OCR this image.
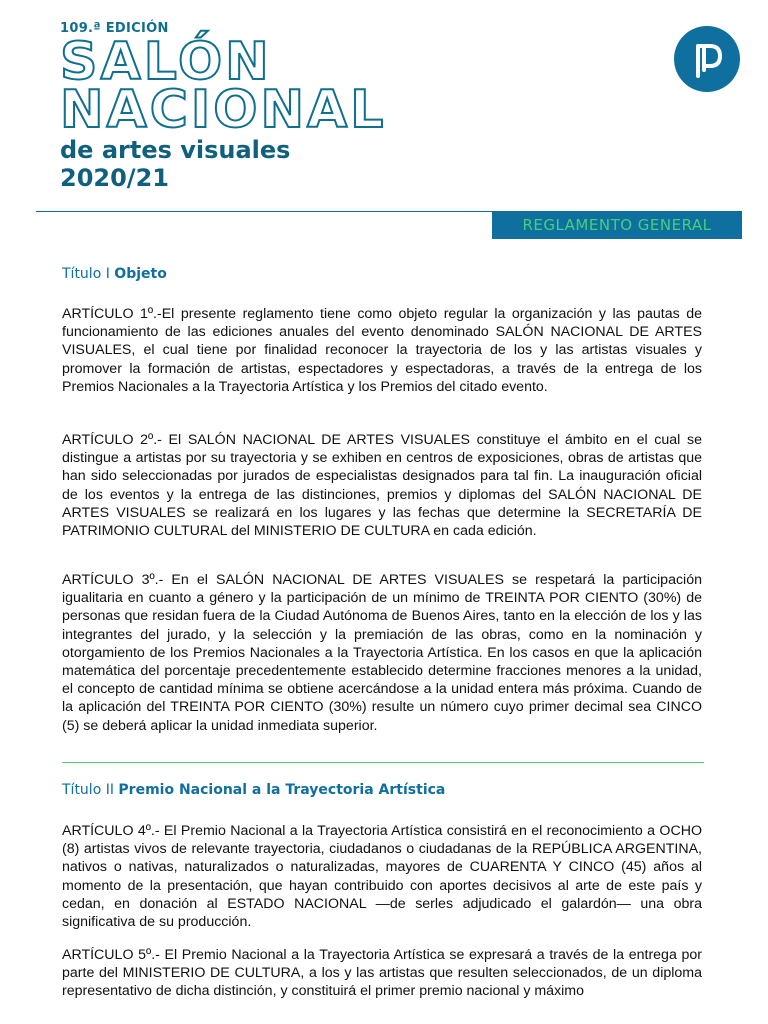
109.ª EDICIÓN
SALÓN
NACIONAL
de artes visuales
2020/21
REGLAMENTO GENERAL
Título I Objeto
ARTÍCULO 1º.-El presente reglamento tiene como objeto regular la organización y las pautas de funcionamiento de las ediciones anuales del evento denominado SALÓN NACIONAL DE ARTES VISUALES, el cual tiene por finalidad reconocer la trayectoria de los y las artistas visuales y promover la formación de artistas, espectadores y espectadoras, a través de la entrega de los Premios Nacionales a la Trayectoria Artística y los Premios del citado evento.
ARTÍCULO 2º.- El SALÓN NACIONAL DE ARTES VISUALES constituye el ámbito en el cual se distingue a artistas por su trayectoria y se exhiben en centros de exposiciones, obras de artistas que han sido seleccionadas por jurados de especialistas designados para tal fin. La inauguración oficial de los eventos y la entrega de las distinciones, premios y diplomas del SALÓN NACIONAL DE ARTES VISUALES se realizará en los lugares y las fechas que determine la SECRETARÍA DE PATRIMONIO CULTURAL del MINISTERIO DE CULTURA en cada edición.
ARTÍCULO 3º.- En el SALÓN NACIONAL DE ARTES VISUALES se respetará la participación igualitaria en cuanto a género y la participación de un mínimo de TREINTA POR CIENTO (30%) de personas que residan fuera de la Ciudad Autónoma de Buenos Aires, tanto en la elección de los y las integrantes del jurado, y la selección y la premiación de las obras, como en la nominación y otorgamiento de los Premios Nacionales a la Trayectoria Artística. En los casos en que la aplicación matemática del porcentaje precedentemente establecido determine fracciones menores a la unidad, el concepto de cantidad mínima se obtiene acercándose a la unidad entera más próxima. Cuando de la aplicación del TREINTA POR CIENTO (30%) resulte un número cuyo primer decimal sea CINCO (5) se deberá aplicar la unidad inmediata superior.
Título II Premio Nacional a la Trayectoria Artística
ARTÍCULO 4º.- El Premio Nacional a la Trayectoria Artística consistirá en el reconocimiento a OCHO (8) artistas vivos de relevante trayectoria, ciudadanos o ciudadanas de la REPÚBLICA ARGENTINA, nativos o nativas, naturalizados o naturalizadas, mayores de CUARENTA Y CINCO (45) años al momento de la presentación, que hayan contribuido con aportes decisivos al arte de este país y cedan, en donación al ESTADO NACIONAL —de serles adjudicado el galardón— una obra significativa de su producción.
ARTÍCULO 5º.- El Premio Nacional a la Trayectoria Artística se expresará a través de la entrega por parte del MINISTERIO DE CULTURA, a los y las artistas que resulten seleccionados, de un diploma representativo de dicha distinción, y constituirá el primer premio nacional y máximo
